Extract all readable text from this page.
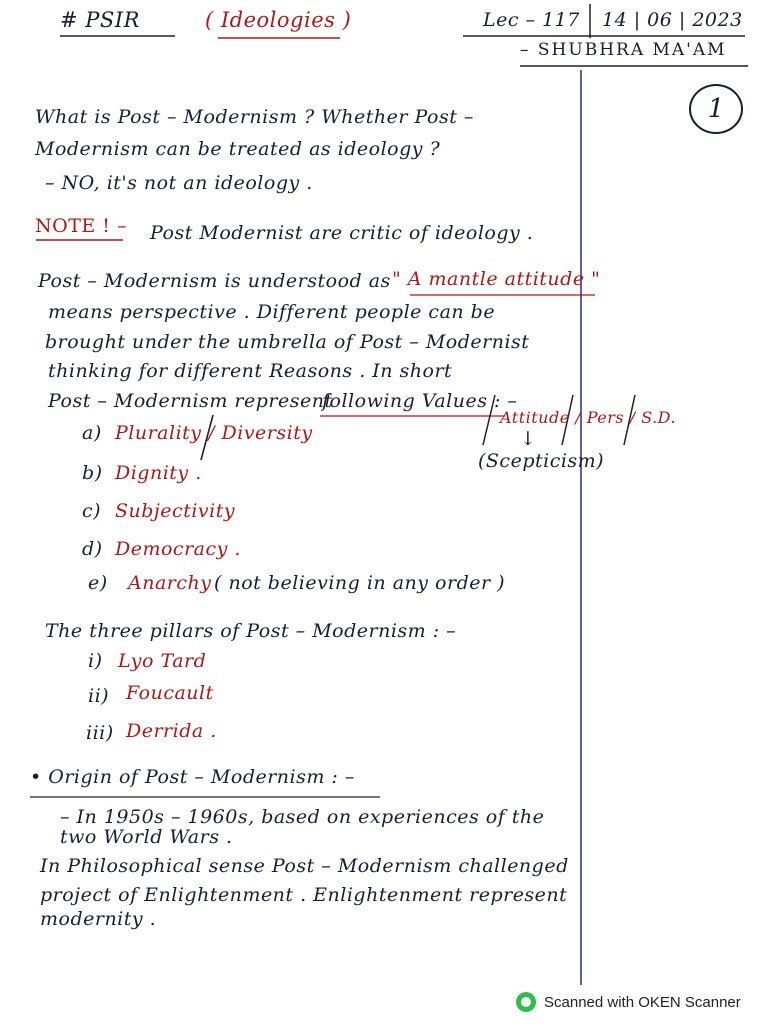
# PSIR	( Ideologies )	Lec – 117 14 | 06 | 2023
– SHUBHRA MA'AM
1
What is Post – Modernism ? Whether Post –
Modernism can be treated as ideology ?
– NO, it's not an ideology .
NOTE ! – Post Modernist are critic of ideology .
Post – Modernism is understood as " A mantle attitude "
means perspective . Different people can be
brought under the umbrella of Post – Modernist
thinking for different Reasons . In short
Post – Modernism represent
following Values : –
Attitude / Pers / S.D.
↓
(Scepticism)
a) Plurality / Diversity
b) Dignity .
c) Subjectivity
d) Democracy .
e) Anarchy ( not believing in any order )
The three pillars of Post – Modernism : –
i) Lyo Tard
ii) Foucault
iii) Derrida .
• Origin of Post – Modernism : –
– In 1950s – 1960s, based on experiences of the
two World Wars .
In Philosophical sense Post – Modernism challenged
project of Enlightenment . Enlightenment represent
modernity .
Scanned with OKEN Scanner
